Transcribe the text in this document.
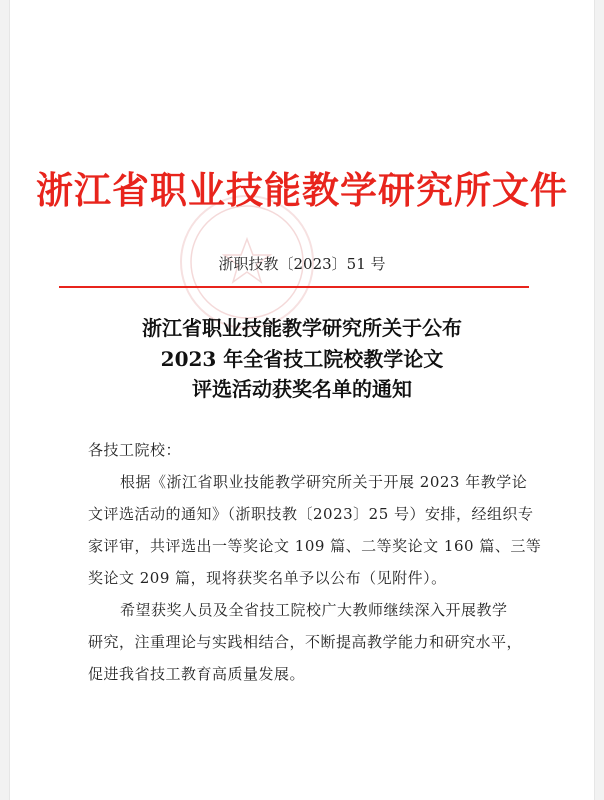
浙江省职业技能教学研究所文件
浙职技教〔2023〕51 号
浙江省职业技能教学研究所关于公布
2023 年全省技工院校教学论文
评选活动获奖名单的通知
各技工院校：
根据《浙江省职业技能教学研究所关于开展 2023 年教学论
文评选活动的通知》（浙职技教〔2023〕25 号）安排，经组织专
家评审，共评选出一等奖论文 109 篇、二等奖论文 160 篇、三等
奖论文 209 篇，现将获奖名单予以公布（见附件）。
希望获奖人员及全省技工院校广大教师继续深入开展教学
研究，注重理论与实践相结合，不断提高教学能力和研究水平，
促进我省技工教育高质量发展。
